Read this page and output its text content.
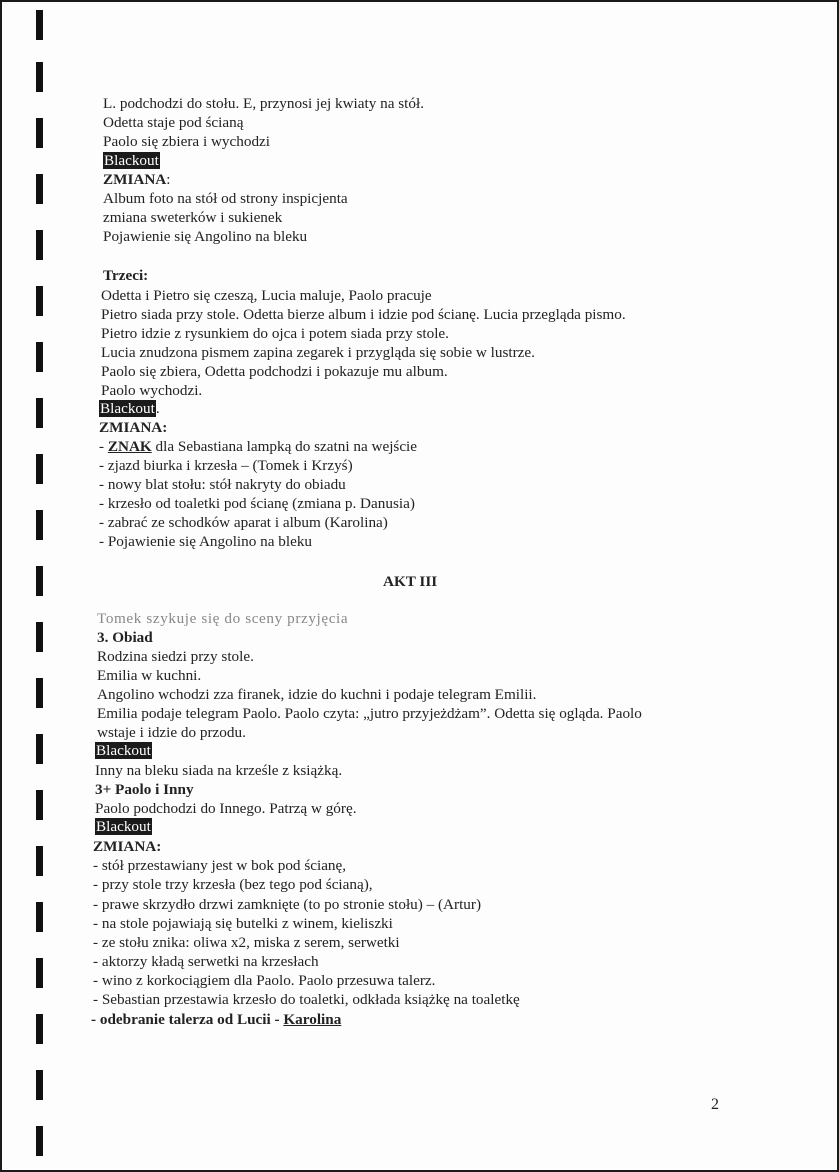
L. podchodzi do stołu. E, przynosi jej kwiaty na stół.
Odetta staje pod ścianą
Paolo się zbiera i wychodzi
Blackout
ZMIANA:
Album foto na stół od strony inspicjenta
zmiana sweterków i sukienek
Pojawienie się Angolino na bleku
Trzeci:
Odetta i Pietro się czeszą, Lucia maluje, Paolo pracuje
Pietro siada przy stole. Odetta bierze album i idzie pod ścianę. Lucia przegląda pismo.
Pietro idzie z rysunkiem do ojca i potem siada przy stole.
Lucia znudzona pismem zapina zegarek i przygląda się sobie w lustrze.
Paolo się zbiera, Odetta podchodzi i pokazuje mu album.
Paolo wychodzi.
Blackout.
ZMIANA:
- ZNAK dla Sebastiana lampką do szatni na wejście
- zjazd biurka i krzesła – (Tomek i Krzyś)
- nowy blat stołu: stół nakryty do obiadu
- krzesło od toaletki pod ścianę (zmiana p. Danusia)
- zabrać ze schodków aparat i album (Karolina)
- Pojawienie się Angolino na bleku
AKT III
Tomek szykuje się do sceny przyjęcia
3. Obiad
Rodzina siedzi przy stole.
Emilia w kuchni.
Angolino wchodzi zza firanek, idzie do kuchni i podaje telegram Emilii.
Emilia podaje telegram Paolo. Paolo czyta: „jutro przyjeżdżam”. Odetta się ogląda. Paolo
wstaje i idzie do przodu.
Blackout
Inny na bleku siada na krześle z książką.
3+ Paolo i Inny
Paolo podchodzi do Innego. Patrzą w górę.
Blackout
ZMIANA:
- stół przestawiany jest w bok pod ścianę,
- przy stole trzy krzesła (bez tego pod ścianą),
- prawe skrzydło drzwi zamknięte (to po stronie stołu) – (Artur)
- na stole pojawiają się butelki z winem, kieliszki
- ze stołu znika: oliwa x2, miska z serem, serwetki
- aktorzy kładą serwetki na krzesłach
- wino z korkociągiem dla Paolo. Paolo przesuwa talerz.
- Sebastian przestawia krzesło do toaletki, odkłada książkę na toaletkę
- odebranie talerza od Lucii - Karolina
2
